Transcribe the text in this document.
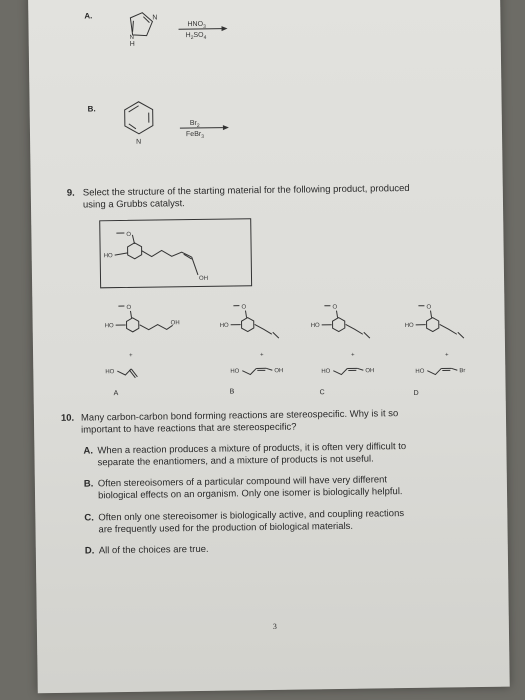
A.	N
H
N
$HNO_3$
$H_2SO_4$
B.
N
$Br_2$
FeBr$_3$
9. Select the structure of the starting material for the following product, produced
using a Grubbs catalyst.
O
HO
OH
O
HO	OH
+
HO
O
HO
+
HO	OH
O
HO
+
HO	OH
O
HO
+
HO	Br
A	B	C	D
10. Many carbon-carbon bond forming reactions are stereospecific. Why is it so
important to have reactions that are stereospecific?
A. When a reaction produces a mixture of products, it is often very difficult to
separate the enantiomers, and a mixture of products is not useful.
B. Often stereoisomers of a particular compound will have very different
biological effects on an organism. Only one isomer is biologically helpful.
C. Often only one stereoisomer is biologically active, and coupling reactions
are frequently used for the production of biological materials.
D. All of the choices are true.
3
